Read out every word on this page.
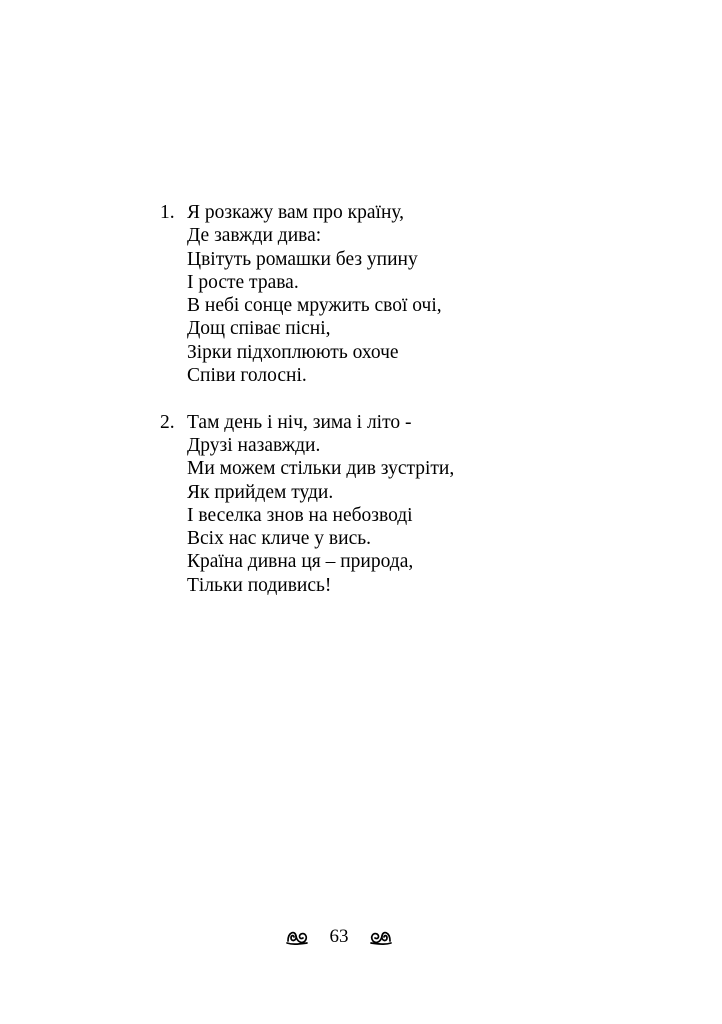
1. Я розкажу вам про країну,
Де завжди дива:
Цвітуть ромашки без упину
І росте трава.
В небі сонце мружить свої очі,
Дощ співає пісні,
Зірки підхоплюють охоче
Співи голосні.
2. Там день і ніч, зима і літо -
Друзі назавжди.
Ми можем стільки див зустріти,
Як прийдем туди.
І веселка знов на небозводі
Всіх нас кличе у вись.
Країна дивна ця – природа,
Тільки подивись!
63
